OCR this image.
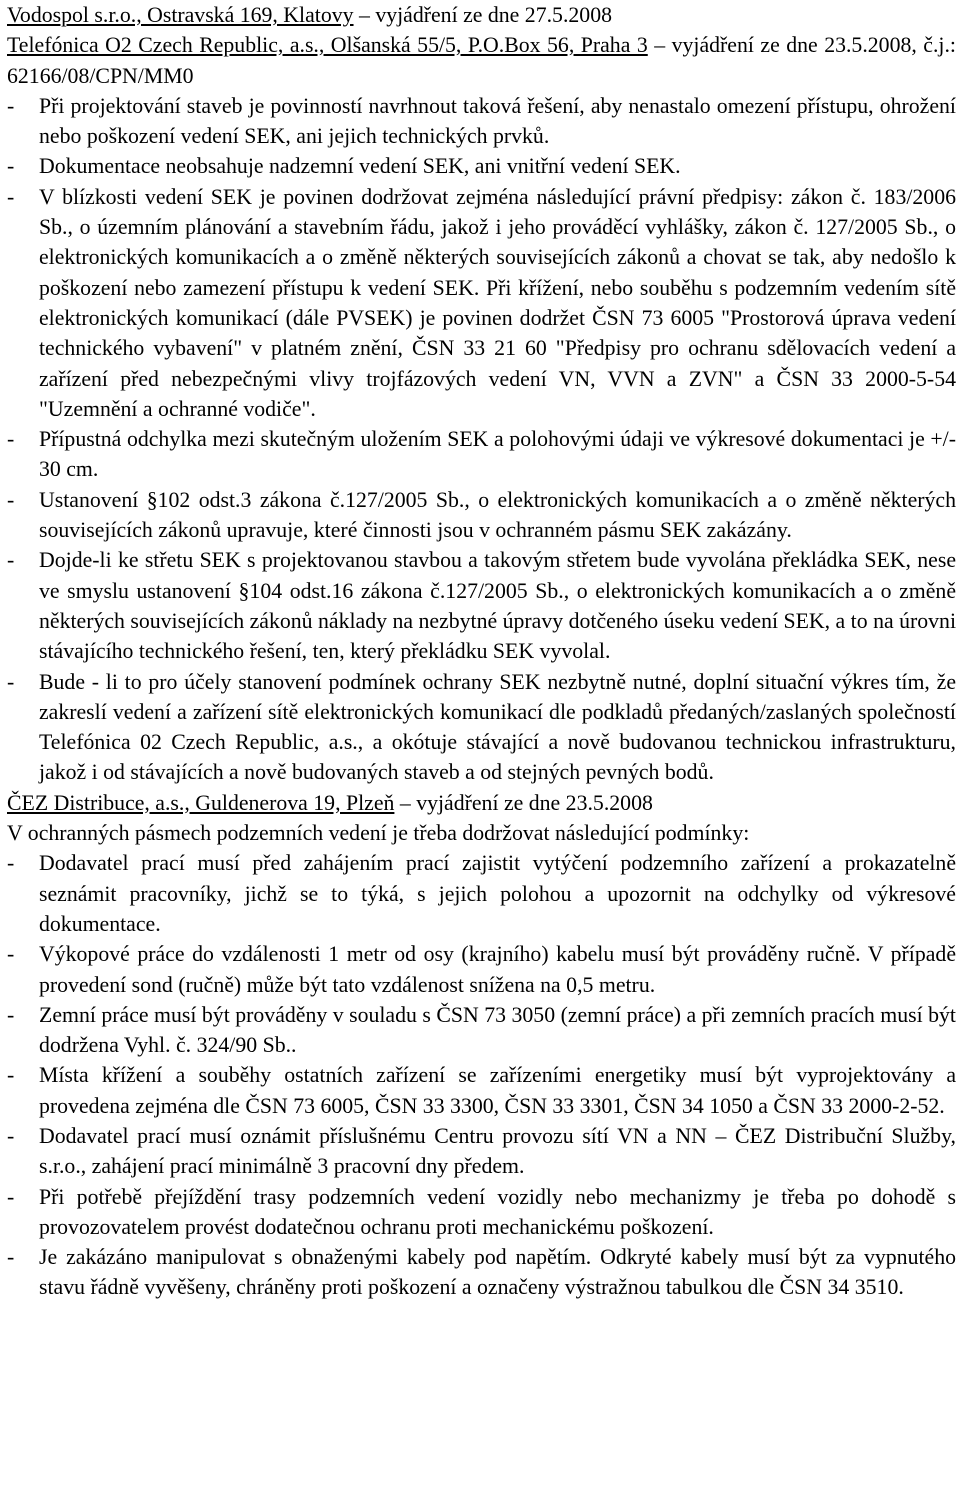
Vodospol s.r.o., Ostravská 169, Klatovy – vyjádření ze dne 27.5.2008

Telefónica O2 Czech Republic, a.s., Olšanská 55/5, P.O.Box 56, Praha 3 – vyjádření ze dne 23.5.2008, č.j.: 62166/08/CPN/MM0

- Při projektování staveb je povinností navrhnout taková řešení, aby nenastalo omezení přístupu, ohrožení nebo poškození vedení SEK, ani jejich technických prvků.
- Dokumentace neobsahuje nadzemní vedení SEK, ani vnitřní vedení SEK.
- V blízkosti vedení SEK je povinen dodržovat zejména následující právní předpisy: zákon č. 183/2006 Sb., o územním plánování a stavebním řádu, jakož i jeho prováděcí vyhlášky, zákon č. 127/2005 Sb., o elektronických komunikacích a o změně některých souvisejících zákonů a chovat se tak, aby nedošlo k poškození nebo zamezení přístupu k vedení SEK. Při křížení, nebo souběhu s podzemním vedením sítě elektronických komunikací (dále PVSEK) je povinen dodržet ČSN 73 6005 "Prostorová úprava vedení technického vybavení" v platném znění, ČSN 33 21 60 "Předpisy pro ochranu sdělovacích vedení a zařízení před nebezpečnými vlivy trojfázových vedení VN, VVN a ZVN" a ČSN 33 2000-5-54 "Uzemnění a ochranné vodiče".
- Přípustná odchylka mezi skutečným uložením SEK a polohovými údaji ve výkresové dokumentaci je +/- 30 cm.
- Ustanovení §102 odst.3 zákona č.127/2005 Sb., o elektronických komunikacích a o změně některých souvisejících zákonů upravuje, které činnosti jsou v ochranném pásmu SEK zakázány.
- Dojde-li ke střetu SEK s projektovanou stavbou a takovým střetem bude vyvolána překládka SEK, nese ve smyslu ustanovení §104 odst.16 zákona č.127/2005 Sb., o elektronických komunikacích a o změně některých souvisejících zákonů náklady na nezbytné úpravy dotčeného úseku vedení SEK, a to na úrovni stávajícího technického řešení, ten, který překládku SEK vyvolal.
- Bude - li to pro účely stanovení podmínek ochrany SEK nezbytně nutné, doplní situační výkres tím, že zakreslí vedení a zařízení sítě elektronických komunikací dle podkladů předaných/zaslaných společností Telefónica 02 Czech Republic, a.s., a okótuje stávající a nově budovanou technickou infrastrukturu, jakož i od stávajících a nově budovaných staveb a od stejných pevných bodů.

ČEZ Distribuce, a.s., Guldenerova 19, Plzeň – vyjádření ze dne 23.5.2008

V ochranných pásmech podzemních vedení je třeba dodržovat následující podmínky:

- Dodavatel prací musí před zahájením prací zajistit vytýčení podzemního zařízení a prokazatelně seznámit pracovníky, jichž se to týká, s jejich polohou a upozornit na odchylky od výkresové dokumentace.
- Výkopové práce do vzdálenosti 1 metr od osy (krajního) kabelu musí být prováděny ručně. V případě provedení sond (ručně) může být tato vzdálenost snížena na 0,5 metru.
- Zemní práce musí být prováděny v souladu s ČSN 73 3050 (zemní práce) a při zemních pracích musí být dodržena Vyhl. č. 324/90 Sb..
- Místa křížení a souběhy ostatních zařízení se zařízeními energetiky musí být vyprojektovány a provedena zejména dle ČSN 73 6005, ČSN 33 3300, ČSN 33 3301, ČSN 34 1050 a ČSN 33 2000-2-52.
- Dodavatel prací musí oznámit příslušnému Centru provozu sítí VN a NN – ČEZ Distribuční Služby, s.r.o., zahájení prací minimálně 3 pracovní dny předem.
- Při potřebě přejíždění trasy podzemních vedení vozidly nebo mechanizmy je třeba po dohodě s provozovatelem provést dodatečnou ochranu proti mechanickému poškození.
- Je zakázáno manipulovat s obnaženými kabely pod napětím. Odkryté kabely musí být za vypnutého stavu řádně vyvěšeny, chráněny proti poškození a označeny výstražnou tabulkou dle ČSN 34 3510.
